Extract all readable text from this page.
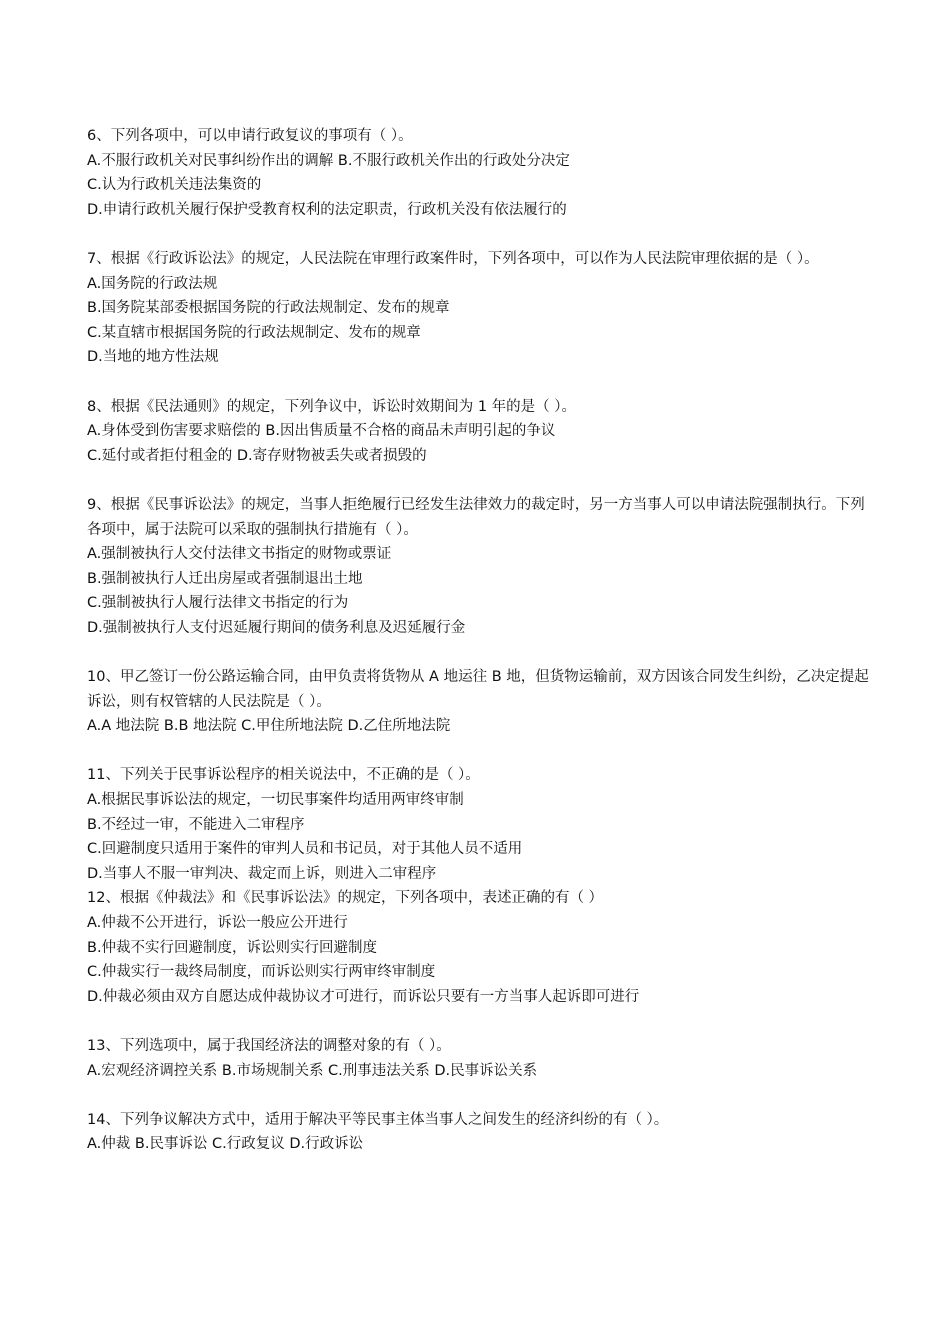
6、下列各项中，可以申请行政复议的事项有（ ）。
A.不服行政机关对民事纠纷作出的调解 B.不服行政机关作出的行政处分决定
C.认为行政机关违法集资的
D.申请行政机关履行保护受教育权利的法定职责，行政机关没有依法履行的
7、根据《行政诉讼法》的规定，人民法院在审理行政案件时，下列各项中，可以作为人民法院审理依据的是（ ）。
A.国务院的行政法规
B.国务院某部委根据国务院的行政法规制定、发布的规章
C.某直辖市根据国务院的行政法规制定、发布的规章
D.当地的地方性法规
8、根据《民法通则》的规定，下列争议中，诉讼时效期间为 1 年的是（ ）。
A.身体受到伤害要求赔偿的 B.因出售质量不合格的商品未声明引起的争议
C.延付或者拒付租金的 D.寄存财物被丢失或者损毁的
9、根据《民事诉讼法》的规定，当事人拒绝履行已经发生法律效力的裁定时，另一方当事人可以申请法院强制执行。下列各项中，属于法院可以采取的强制执行措施有（ ）。
A.强制被执行人交付法律文书指定的财物或票证
B.强制被执行人迁出房屋或者强制退出土地
C.强制被执行人履行法律文书指定的行为
D.强制被执行人支付迟延履行期间的债务利息及迟延履行金
10、甲乙签订一份公路运输合同，由甲负责将货物从 A 地运往 B 地，但货物运输前，双方因该合同发生纠纷，乙决定提起诉讼，则有权管辖的人民法院是（ ）。
A.A 地法院 B.B 地法院 C.甲住所地法院 D.乙住所地法院
11、下列关于民事诉讼程序的相关说法中，不正确的是（ ）。
A.根据民事诉讼法的规定，一切民事案件均适用两审终审制
B.不经过一审，不能进入二审程序
C.回避制度只适用于案件的审判人员和书记员，对于其他人员不适用
D.当事人不服一审判决、裁定而上诉，则进入二审程序
12、根据《仲裁法》和《民事诉讼法》的规定，下列各项中，表述正确的有（ ）
A.仲裁不公开进行，诉讼一般应公开进行
B.仲裁不实行回避制度，诉讼则实行回避制度
C.仲裁实行一裁终局制度，而诉讼则实行两审终审制度
D.仲裁必须由双方自愿达成仲裁协议才可进行，而诉讼只要有一方当事人起诉即可进行
13、下列选项中，属于我国经济法的调整对象的有（ ）。
A.宏观经济调控关系 B.市场规制关系 C.刑事违法关系 D.民事诉讼关系
14、下列争议解决方式中，适用于解决平等民事主体当事人之间发生的经济纠纷的有（ ）。
A.仲裁 B.民事诉讼 C.行政复议 D.行政诉讼
